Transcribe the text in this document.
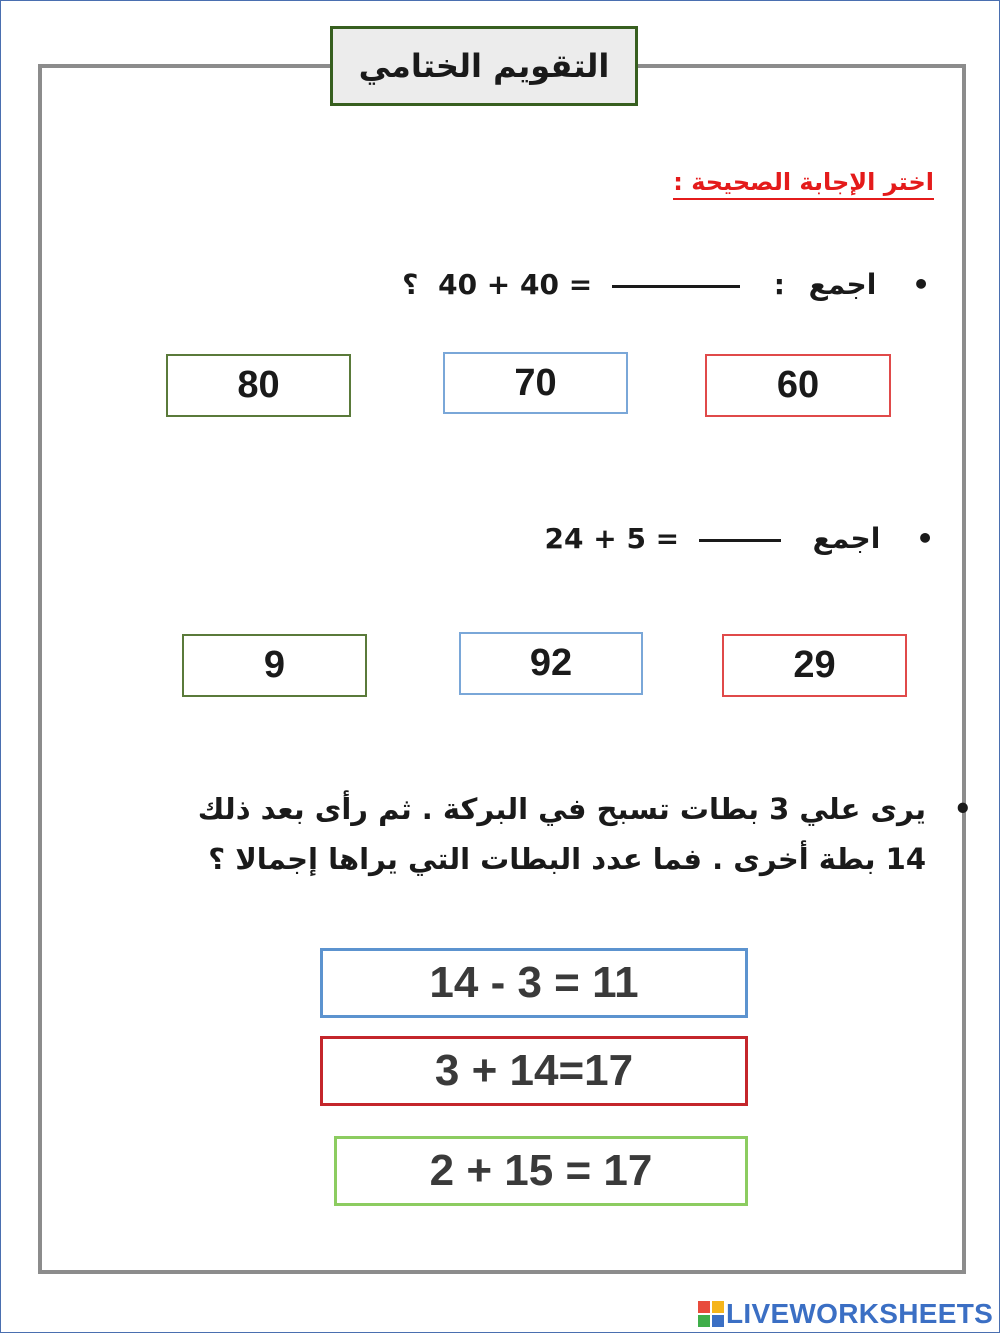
التقويم الختامي
اختر الإجابة الصحيحة :
• اجمع :  40 + 40 = ؟
60
70
80
• اجمع  24 + 5 =
29
92
9
•
يرى علي 3 بطات تسبح في البركة . ثم رأى بعد ذلك
14 بطة أخرى . فما عدد البطات التي يراها إجمالا ؟
14 - 3 = 11
3 + 14=17
2 + 15 = 17
LIVEWORKSHEETS
